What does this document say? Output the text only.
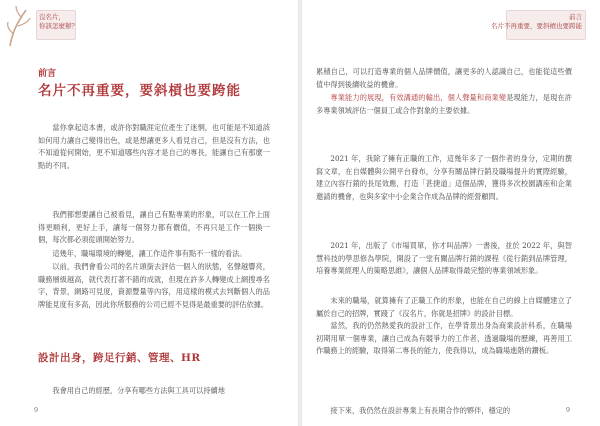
沒名片，
你該怎麼辦？
前言
名片不再重要，要斜槓也要跨能

當你拿起這本書，或許你對職涯定位產生了迷惘，也可能是不知道該如何用力讓自己變得出色，或是想讓更多人看見自己，但是沒有方法，也不知道從何開始，更不知道哪些內容才是自己的專長，能讓自己有那麼一點的不同。

我們都想要讓自己被看見，讓自己有點專業的形象，可以在工作上面得更順利，更好上手，讓每一個努力都有價值，不再只是工作一個換一個，每次都必須從頭開始努力。

這幾年，職場環境的轉變，讓工作這件事有點不一樣的看法。

以前，我們會看公司的名片頭銜去評估一個人的狀態，名聲越響亮，職務層級越高，就代表打著不錯的成就，但現在許多人轉變成上網搜尋名字，背景，網路可見度，資源豐量等內容，用這樣的模式去判斷個人的品牌能見度有多高，因此你所服務的公司已經不見得是最重要的評估依據。

設計出身，跨足行銷、管理、HR

我會用自己的經歷，分享有哪些方法與工具可以持續地

9
前言
名片不再重要，要斜槓也要跨能

累積自己，可以打造專業的個人品牌價值，讓更多的人認識自己，也能從這些價值中得到後續收益的機會。

專業能力的展現，有效溝通的輸出，個人聲量和商業變是現能力，是現在許多專業領域評估一個員工或合作對象的主要依據。

2021 年，我除了擁有正職的工作，這幾年多了一個作者的身分，定期的撰寫文章，在自媒體與公開平台發布，分享有關品牌行銷及職場提升的實際經驗，建立內容行銷的長尾效應，打造「甚捷道」這個品牌，獲得多次校園講座和企業邀請的機會，也與多家中小企業合作成為品牌的經營顧問。

2021 年，出版了《市場買單，你才叫品牌》一書後，並於 2022 年，與智慧科技的學思修為學院，開設了一堂有關品牌行銷的課程《從行銷到品牌管理，培養專業經理人的策略思維》，讓個人品牌取得最完整的專業領域形象。

未來的職場，就算擁有了正職工作的形象，也能在自己的線上自媒體建立了屬於自己的招牌，實踐了《沒名片，你就是招牌》的設計目標。

當然，我的仍然熱愛我的設計工作，在學背景出身為商業設計科系，在職場初期用單一個專業，讓自己成為有競爭力的工作者，透過職場的歷練，再善用工作職務上的經驗，取得第二專長的能力，使我得以，成為職場進階的鑽板。

接下來，我仍然在設計專業上有長期合作的夥伴，穩定的	9
